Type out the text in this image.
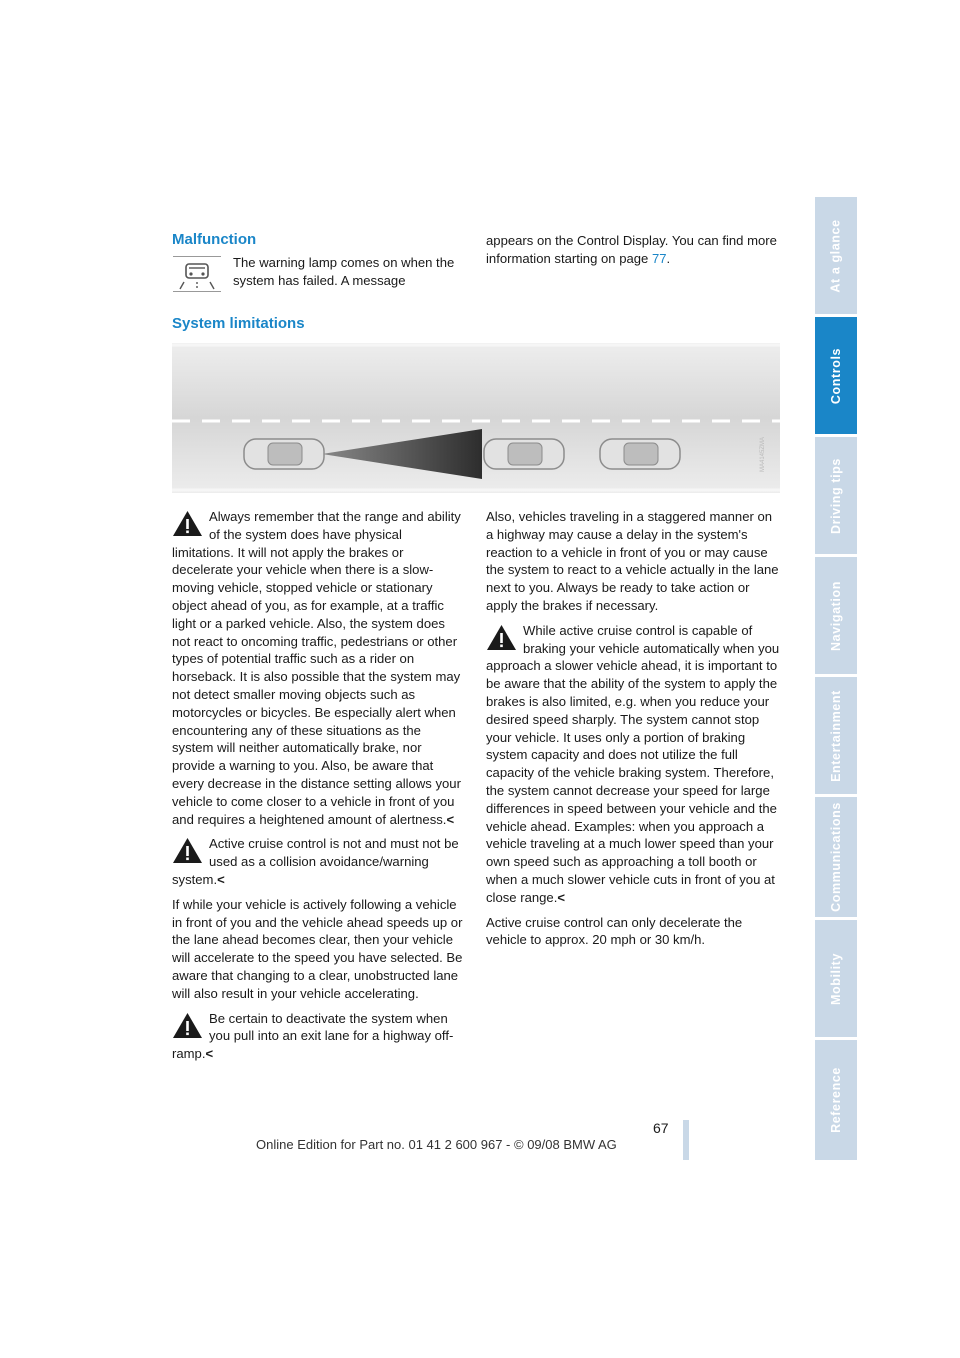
Malfunction

The warning lamp comes on when the system has failed. A message

appears on the Control Display. You can find more information starting on page 77.
System limitations
MA4145ZMA

Always remember that the range and ability of the system does have physical limitations. It will not apply the brakes or decelerate your vehicle when there is a slow-moving vehicle, stopped vehicle or stationary object ahead of you, as for example, at a traffic light or a parked vehicle. Also, the system does not react to oncoming traffic, pedestrians or other types of potential traffic such as a rider on horseback. It is also possible that the system may not detect smaller moving objects such as motorcycles or bicycles. Be especially alert when encountering any of these situations as the system will neither automatically brake, nor provide a warning to you. Also, be aware that every decrease in the distance setting allows your vehicle to come closer to a vehicle in front of you and requires a heightened amount of alertness.<

Active cruise control is not and must not be used as a collision avoidance/warning system.<

If while your vehicle is actively following a vehicle in front of you and the vehicle ahead speeds up or the lane ahead becomes clear, then your vehicle will accelerate to the speed you have selected. Be aware that changing to a clear, unobstructed lane will also result in your vehicle accelerating.

Be certain to deactivate the system when you pull into an exit lane for a highway off-ramp.<

Also, vehicles traveling in a staggered manner on a highway may cause a delay in the system's reaction to a vehicle in front of you or may cause the system to react to a vehicle actually in the lane next to you. Always be ready to take action or apply the brakes if necessary.

While active cruise control is capable of braking your vehicle automatically when you approach a slower vehicle ahead, it is important to be aware that the ability of the system to apply the brakes is also limited, e.g. when you reduce your desired speed sharply. The system cannot stop your vehicle. It uses only a portion of braking system capacity and does not utilize the full capacity of the vehicle braking system. Therefore, the system cannot decrease your speed for large differences in speed between your vehicle and the vehicle ahead. Examples: when you approach a vehicle traveling at a much lower speed than your own speed such as approaching a toll booth or when a much slower vehicle cuts in front of you at close range.<

Active cruise control can only decelerate the vehicle to approx. 20 mph or 30 km/h.

At a glance
Controls
Driving tips
Navigation
Entertainment
Communications
Mobility
Reference
67
Online Edition for Part no. 01 41 2 600 967 - © 09/08 BMW AG
